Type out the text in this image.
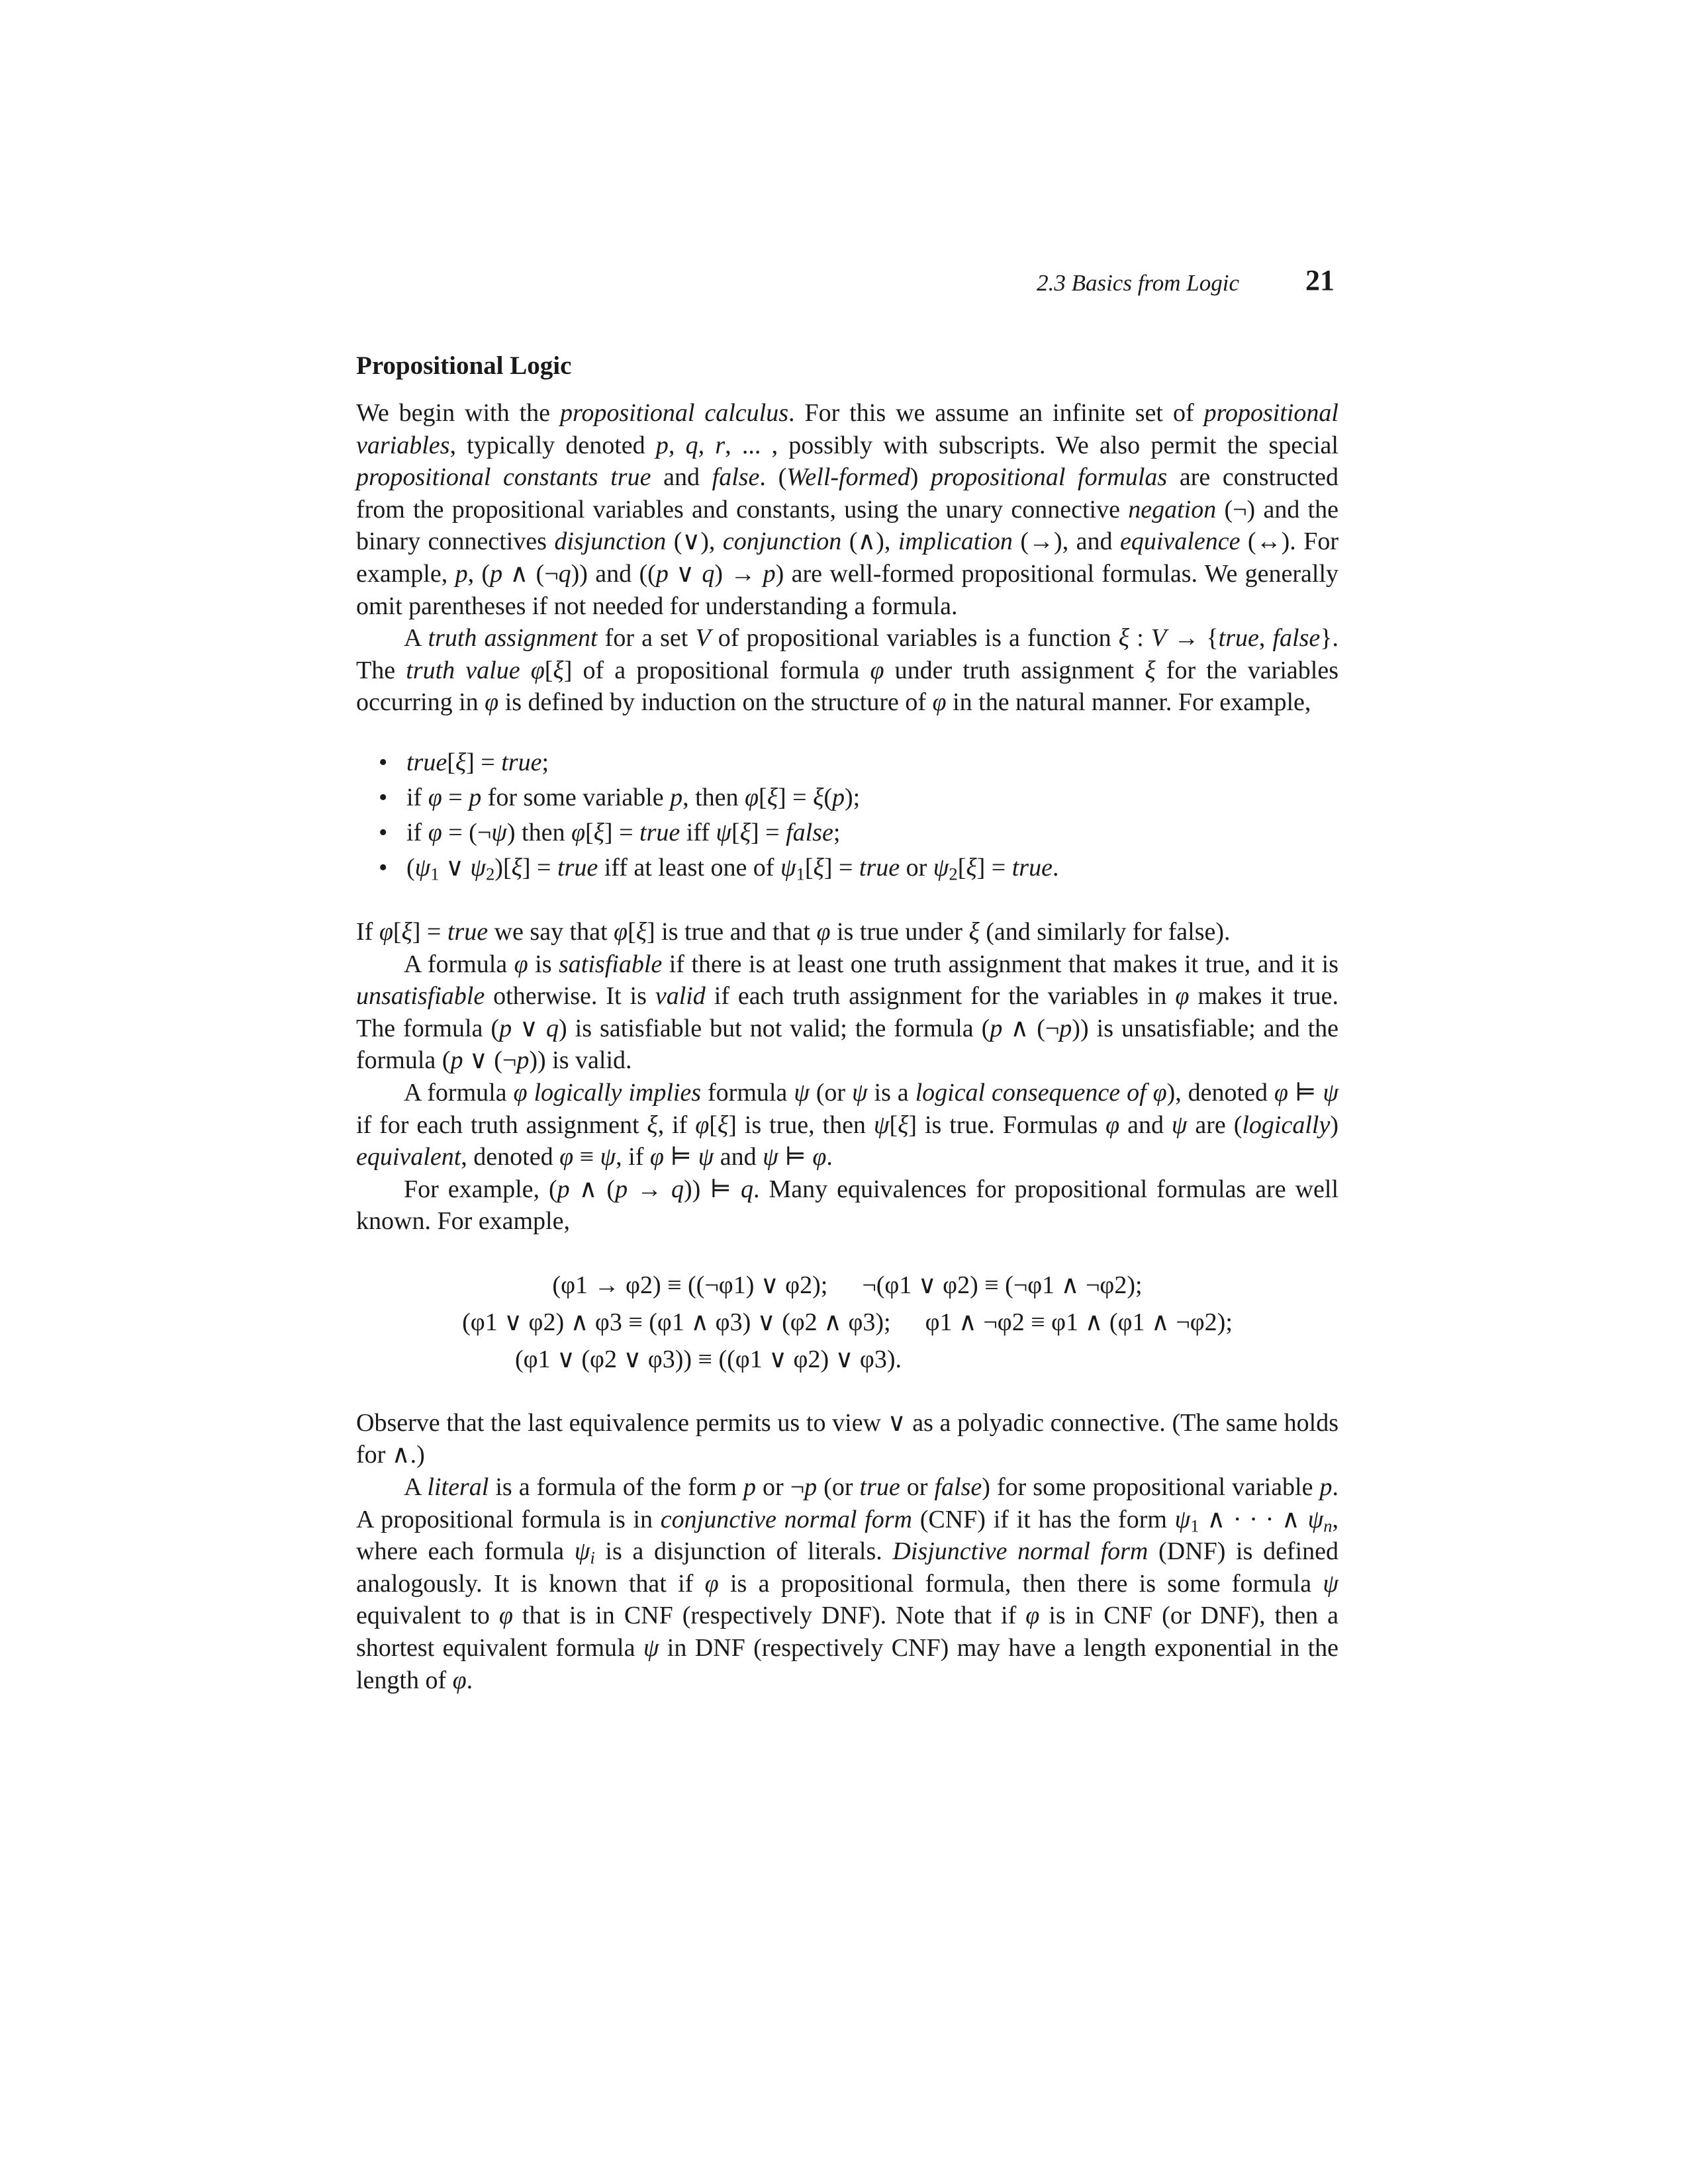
2.3 Basics from Logic 21
Propositional Logic

We begin with the propositional calculus. For this we assume an infinite set of propositional variables, typically denoted p, q, r, ... , possibly with subscripts. We also permit the special propositional constants true and false. (Well-formed) propositional formulas are constructed from the propositional variables and constants, using the unary connective negation (¬) and the binary connectives disjunction (∨), conjunction (∧), implication (→), and equivalence (↔). For example, p, (p ∧ (¬q)) and ((p ∨ q) → p) are well-formed propositional formulas. We generally omit parentheses if not needed for understanding a formula.

A truth assignment for a set V of propositional variables is a function ξ : V → {true, false}. The truth value φ[ξ] of a propositional formula φ under truth assignment ξ for the variables occurring in φ is defined by induction on the structure of φ in the natural manner. For example,

• true[ξ] = true;
• if φ = p for some variable p, then φ[ξ] = ξ(p);
• if φ = (¬ψ) then φ[ξ] = true iff ψ[ξ] = false;
• ($\psi_1$ ∨ $\psi_2)[\xi]$ = true iff at least one of $\psi_1[\xi]$ = true or $\psi_2[\xi]$ = true.

If φ[ξ] = true we say that φ[ξ] is true and that φ is true under ξ (and similarly for false).

A formula φ is satisfiable if there is at least one truth assignment that makes it true, and it is unsatisfiable otherwise. It is valid if each truth assignment for the variables in φ makes it true. The formula (p ∨ q) is satisfiable but not valid; the formula (p ∧ (¬p)) is unsatisfiable; and the formula (p ∨ (¬p)) is valid.

A formula φ logically implies formula ψ (or ψ is a logical consequence of φ), denoted φ ⊨ ψ if for each truth assignment ξ, if φ[ξ] is true, then ψ[ξ] is true. Formulas φ and ψ are (logically) equivalent, denoted φ ≡ ψ, if φ ⊨ ψ and ψ ⊨ φ.

For example, (p ∧ (p → q)) ⊨ q. Many equivalences for propositional formulas are well known. For example,

(φ1 → φ2) ≡ ((¬φ1) ∨ φ2); ¬(φ1 ∨ φ2) ≡ (¬φ1 ∧ ¬φ2);
(φ1 ∨ φ2) ∧ φ3 ≡ (φ1 ∧ φ3) ∨ (φ2 ∧ φ3); φ1 ∧ ¬φ2 ≡ φ1 ∧ (φ1 ∧ ¬φ2);
(φ1 ∨ (φ2 ∨ φ3)) ≡ ((φ1 ∨ φ2) ∨ φ3).

Observe that the last equivalence permits us to view ∨ as a polyadic connective. (The same holds for ∧.)

A literal is a formula of the form p or ¬p (or true or false) for some propositional variable p. A propositional formula is in conjunctive normal form (CNF) if it has the form $\psi_1$ ∧ · · · ∧ $\psi_n$, where each formula $\psi_i$ is a disjunction of literals. Disjunctive normal form (DNF) is defined analogously. It is known that if φ is a propositional formula, then there is some formula ψ equivalent to φ that is in CNF (respectively DNF). Note that if φ is in CNF (or DNF), then a shortest equivalent formula ψ in DNF (respectively CNF) may have a length exponential in the length of φ.
